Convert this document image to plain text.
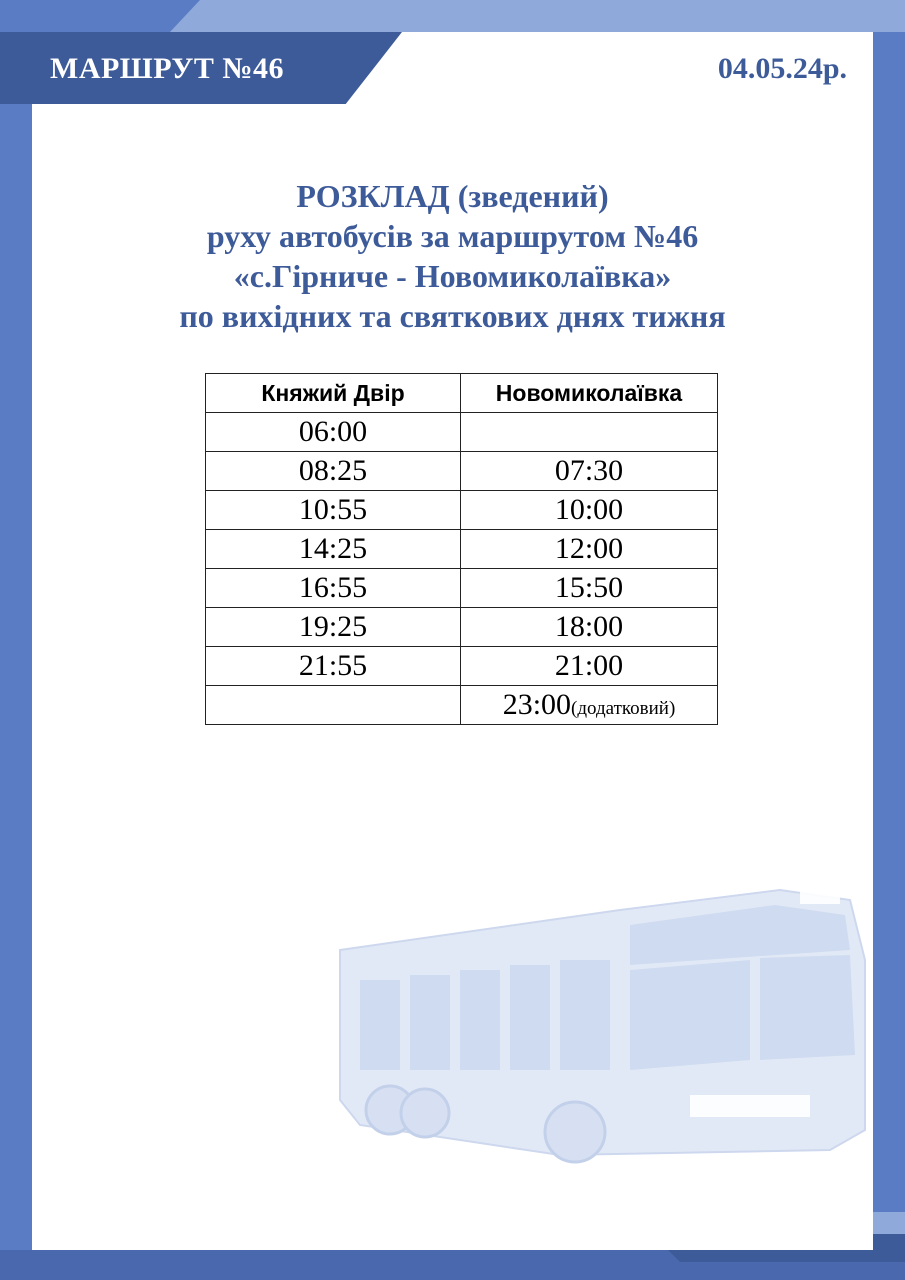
МАРШРУТ №46	04.05.24р.
РОЗКЛАД (зведений)
руху автобусів за маршрутом №46
«с.Гірниче - Новомиколаївка»
по вихідних та святкових днях тижня
Княжий Двір	Новомиколаївка
06:00	
08:25	07:30
10:55	10:00
14:25	12:00
16:55	15:50
19:25	18:00
21:55	21:00
	23:00(додатковий)
